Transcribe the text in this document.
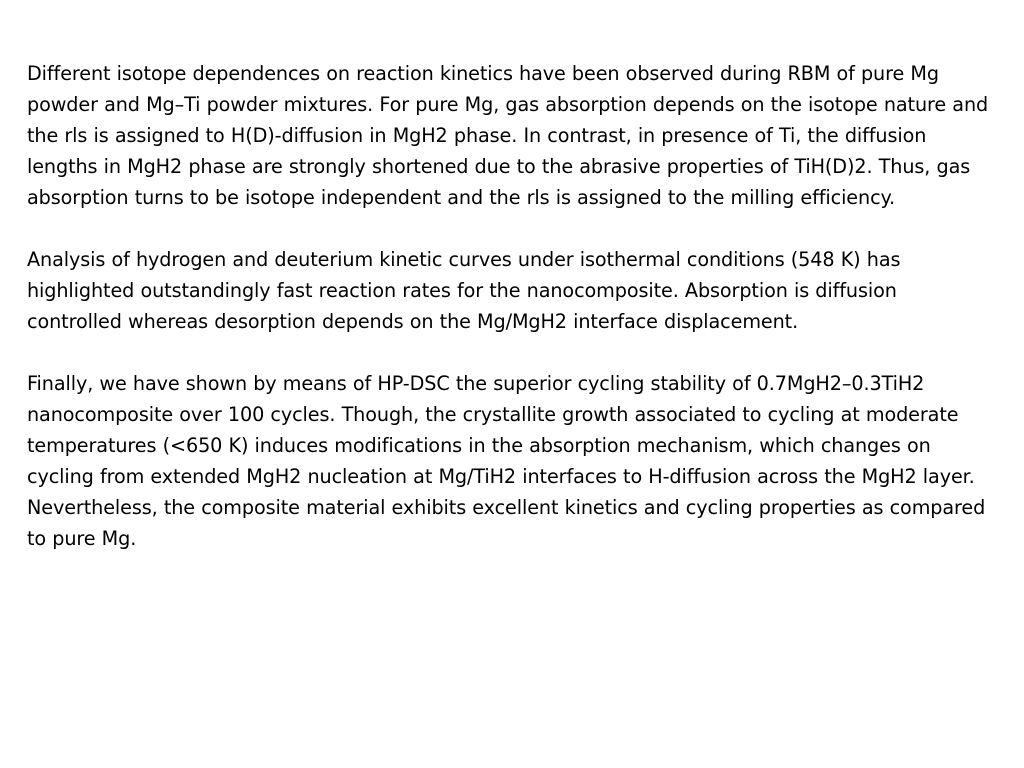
Different isotope dependences on reaction kinetics have been observed during RBM of pure Mg powder and Mg–Ti powder mixtures. For pure Mg, gas absorption depends on the isotope nature and the rls is assigned to H(D)-diffusion in MgH2 phase. In contrast, in presence of Ti, the diffusion lengths in MgH2 phase are strongly shortened due to the abrasive properties of TiH(D)2. Thus, gas absorption turns to be isotope independent and the rls is assigned to the milling efficiency.

Analysis of hydrogen and deuterium kinetic curves under isothermal conditions (548 K) has highlighted outstandingly fast reaction rates for the nanocomposite. Absorption is diffusion controlled whereas desorption depends on the Mg/MgH2 interface displacement.

Finally, we have shown by means of HP-DSC the superior cycling stability of 0.7MgH2–0.3TiH2 nanocomposite over 100 cycles. Though, the crystallite growth associated to cycling at moderate temperatures (<650 K) induces modifications in the absorption mechanism, which changes on cycling from extended MgH2 nucleation at Mg/TiH2 interfaces to H-diffusion across the MgH2 layer. Nevertheless, the composite material exhibits excellent kinetics and cycling properties as compared to pure Mg.
